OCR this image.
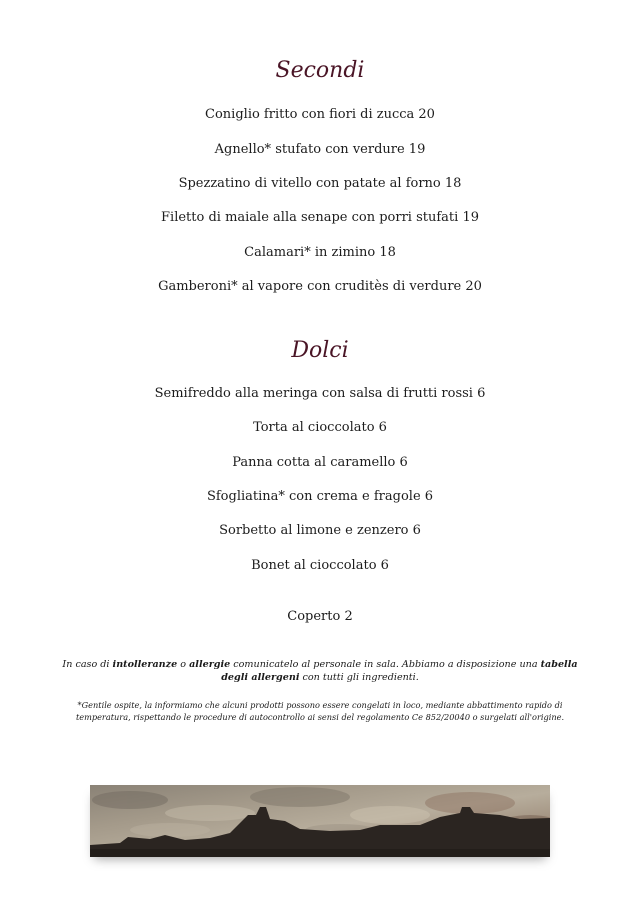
Secondi
Coniglio fritto con fiori di zucca 20
Agnello* stufato con verdure 19
Spezzatino di vitello con patate al forno 18
Filetto di maiale alla senape con porri stufati 19
Calamari* in zimino 18
Gamberoni* al vapore con cruditès di verdure 20
Dolci
Semifreddo alla meringa con salsa di frutti rossi 6
Torta al cioccolato 6
Panna cotta al caramello 6
Sfogliatina* con crema e fragole 6
Sorbetto al limone e zenzero 6
Bonet al cioccolato 6
Coperto 2
In caso di intolleranze o allergie comunicatelo al personale in sala. Abbiamo a disposizione una tabella degli allergeni con tutti gli ingredienti.
*Gentile ospite, la informiamo che alcuni prodotti possono essere congelati in loco, mediante abbattimento rapido di temperatura, rispettando le procedure di autocontrollo ai sensi del regolamento Ce 852/20040 o surgelati all'origine.
